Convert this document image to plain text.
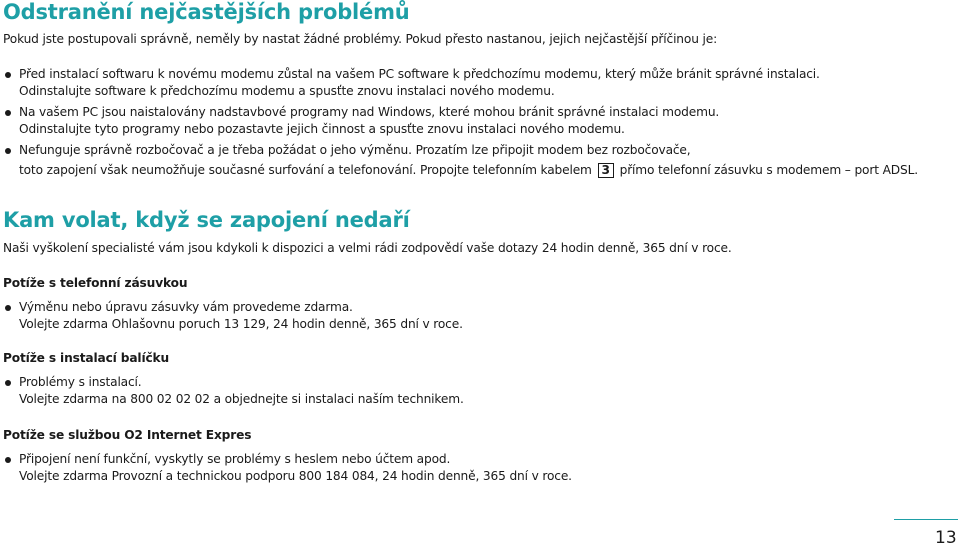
Odstranění nejčastějších problémů

Pokud jste postupovali správně, neměly by nastat žádné problémy. Pokud přesto nastanou, jejich nejčastější příčinou je:

Před instalací softwaru k novému modemu zůstal na vašem PC software k předchozímu modemu, který může bránit správné instalaci.

Odinstalujte software k předchozímu modemu a spusťte znovu instalaci nového modemu.

Na vašem PC jsou naistalovány nadstavbové programy nad Windows, které mohou bránit správné instalaci modemu.

Odinstalujte tyto programy nebo pozastavte jejich činnost a spusťte znovu instalaci nového modemu.

Nefunguje správně rozbočovač a je třeba požádat o jeho výměnu. Prozatím lze připojit modem bez rozbočovače,

toto zapojení však neumožňuje současné surfování a telefonování. Propojte telefonním kabelem 3 přímo telefonní zásuvku s modemem – port ADSL.

Kam volat, když se zapojení nedaří

Naši vyškolení specialisté vám jsou kdykoli k dispozici a velmi rádi zodpovědí vaše dotazy 24 hodin denně, 365 dní v roce.

Potíže s telefonní zásuvkou

Výměnu nebo úpravu zásuvky vám provedeme zdarma.

Volejte zdarma Ohlašovnu poruch 13 129, 24 hodin denně, 365 dní v roce.

Potíže s instalací balíčku

Problémy s instalací.

Volejte zdarma na 800 02 02 02 a objednejte si instalaci naším technikem.

Potíže se službou O2 Internet Expres

Připojení není funkční, vyskytly se problémy s heslem nebo účtem apod.

Volejte zdarma Provozní a technickou podporu 800 184 084, 24 hodin denně, 365 dní v roce.

13
